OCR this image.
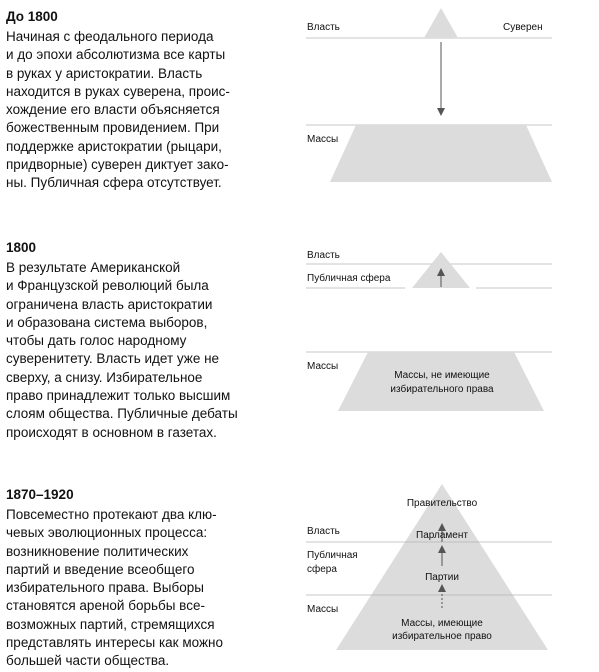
До 1800

Начиная с феодального периода
и до эпохи абсолютизма все карты
в руках у аристократии. Власть
находится в руках суверена, проис-
хождение его власти объясняется
божественным провидением. При
поддержке аристократии (рыцари,
придворные) суверен диктует зако-
ны. Публичная сфера отсутствует.

1800

В результате Американской
и Французской революций была
ограничена власть аристократии
и образована система выборов,
чтобы дать голос народному
суверенитету. Власть идет уже не
сверху, а снизу. Избирательное
право принадлежит только высшим
слоям общества. Публичные дебаты
происходят в основном в газетах.

1870–1920

Повсеместно протекают два клю-
чевых эволюционных процесса:
возникновение политических
партий и введение всеобщего
избирательного права. Выборы
становятся ареной борьбы все-
возможных партий, стремящихся
представлять интересы как можно
большей части общества.

Власть	Суверен
Массы
Власть
Публичная сфера
Массы
Массы, не имеющие
избирательного права
Правительство
Власть	Парламент
Публичная
сфера
Партии
Массы
Массы, имеющие
избирательное право
